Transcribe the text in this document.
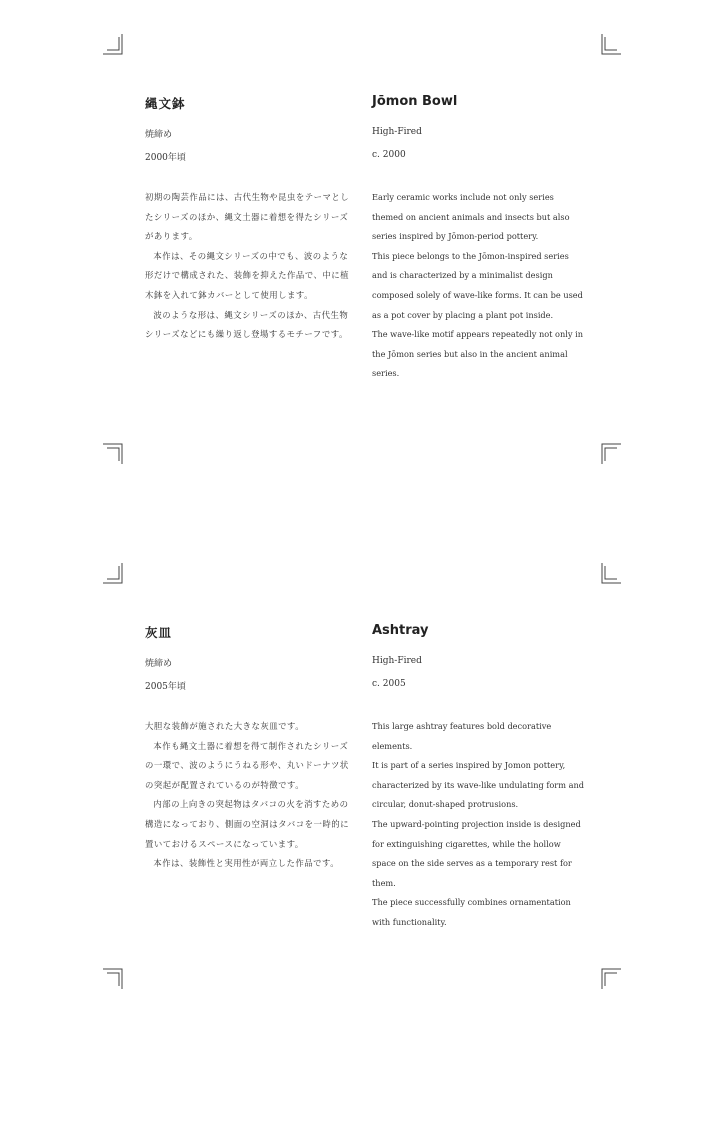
縄文鉢
焼締め
2000年頃

初期の陶芸作品には、古代生物や昆虫をテーマとしたシリーズのほか、縄文土器に着想を得たシリーズがあります。

本作は、その縄文シリーズの中でも、波のような形だけで構成された、装飾を抑えた作品で、中に植木鉢を入れて鉢カバーとして使用します。

波のような形は、縄文シリーズのほか、古代生物シリーズなどにも繰り返し登場するモチーフです。

Jōmon Bowl
High-Fired
c. 2000

Early ceramic works include not only series themed on ancient animals and insects but also series inspired by Jōmon-period pottery.

This piece belongs to the Jōmon-inspired series and is characterized by a minimalist design composed solely of wave-like forms. It can be used as a pot cover by placing a plant pot inside.

The wave-like motif appears repeatedly not only in the Jōmon series but also in the ancient animal series.

灰皿
焼締め
2005年頃

大胆な装飾が施された大きな灰皿です。

本作も縄文土器に着想を得て制作されたシリーズの一環で、波のようにうねる形や、丸いドーナツ状の突起が配置されているのが特徴です。

内部の上向きの突起物はタバコの火を消すための構造になっており、側面の空洞はタバコを一時的に置いておけるスペースになっています。

本作は、装飾性と実用性が両立した作品です。

Ashtray
High-Fired
c. 2005

This large ashtray features bold decorative elements.

It is part of a series inspired by Jomon pottery, characterized by its wave-like undulating form and circular, donut-shaped protrusions.

The upward-pointing projection inside is designed for extinguishing cigarettes, while the hollow space on the side serves as a temporary rest for them.

The piece successfully combines ornamentation with functionality.
